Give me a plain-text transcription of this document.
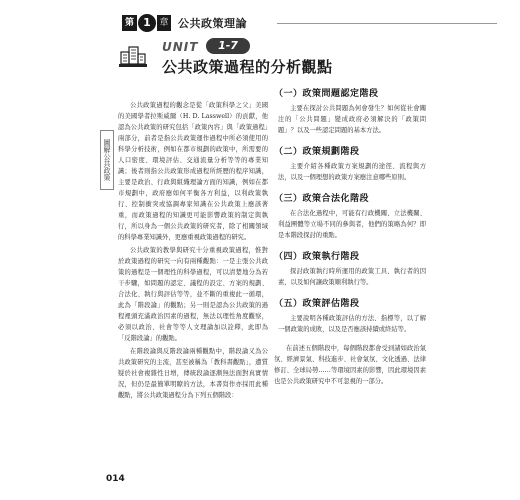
第 1 章 公共政策理論
UNIT	1-7
公共政策過程的分析觀點
圖解公共政策

公共政策過程的觀念是從「政策科學之父」美國的美國學者拉斯威爾（H. D. Lasswell）的貢獻，他認為公共政策的研究包括「政策內容」與「政策過程」兩部分，前者是指公共政策運作過程中所必須使用的科學分析技術，例如在都市規劃的政策中，所需要的人口密度、環境評估、交通流量分析等等的專業知識；後者則指公共政策形成過程所經歷的程序知識，主要是政治、行政與組織理論方面的知識，例如在都市規劃中，政府應如何平衡各方利益，以利政策執行、控制衝突或協調專家知識在公共政策上應該著重，而政策過程的知識更可能影響政策的制定與執行，所以身為一個公共政策的研究者，除了相關領域的科學專業知識外，更應重視政策過程的研究。

公共政策的教學與研究十分重視政策過程，惟對於政策過程的研究一向有兩種觀點：一是主張公共政策的過程是一個理性的科學過程，可以清楚地分為若干步驟，如問題的認定、議程的設定、方案的規劃、合法化、執行與評估等等，並不斷的重複此一循環，此為「階段論」的觀點；另一則是認為公共政策的過程裡頭充滿政治因素的過程，無法以理性角度觀察，必須以政治、社會等等人文理論加以詮釋，此即為「反階段論」的觀點。

在階段論與反階段論兩種觀點中，階段論又為公共政策研究的主流，甚至被稱為「教科書觀點」，遭質疑於社會複雜性日增，傳統段論逐漸無法面對真實情況，但仍是最簡單明瞭的方法，本書寫作亦採用此種觀點，將公共政策過程分為下列五個階段：

（一）政策問題認定階段

主要在探討公共問題為何會發生？如何從社會關注的「公共問題」變成政府必須解決的「政策問題」？以及一些認定問題的基本方法。

（二）政策規劃階段

主要介紹各種政策方案規劃的途徑、流程與方法，以及一個理想的政策方案應注意哪些原則。

（三）政策合法化階段

在合法化過程中，可能有行政機關、立法機關、利益團體等立場不同的參與者，他們的策略為何？即是本階段探討的重點。

（四）政策執行階段

探討政策執行時所運用的政策工具、執行者的因素，以及如何讓政策順利執行等。

（五）政策評估階段

主要說明各種政策評估的方法、指標等，以了解一個政策的成敗，以及是否應該持續或終結等。

在前述五個階段中，每個階段都會受到諸如政治氣氛、經濟景氣、科技進步、社會氣氛、文化透過、法律修訂、全球局勢……等環境因素的影響，因此環境因素也是公共政策研究中不可忽視的一部分。

014
